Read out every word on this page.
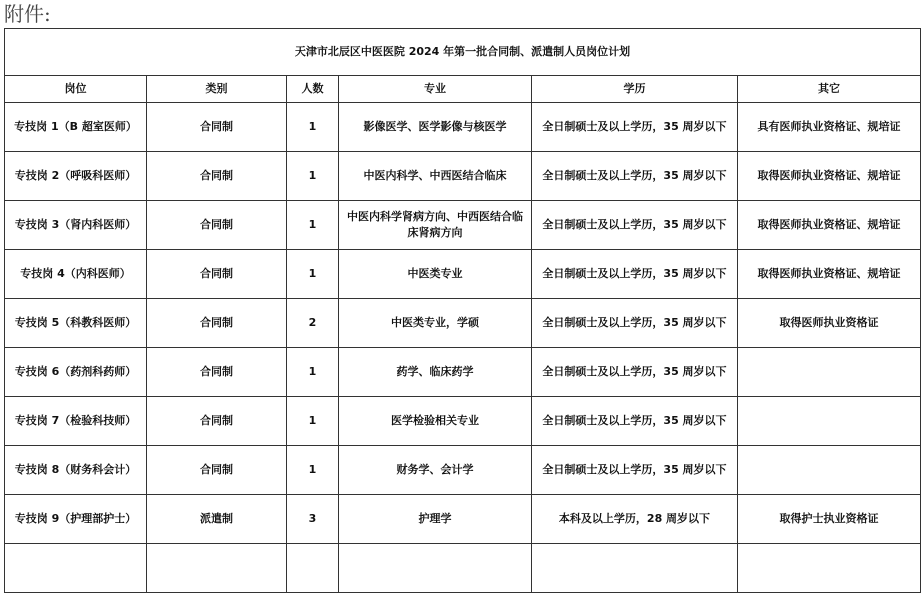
附件:
天津市北辰区中医医院 2024 年第一批合同制、派遣制人员岗位计划					
岗位	类别	人数	专业	学历	其它
专技岗 1（B 超室医师）	合同制	1	影像医学、医学影像与核医学	全日制硕士及以上学历，35 周岁以下	具有医师执业资格证、规培证
专技岗 2（呼吸科医师）	合同制	1	中医内科学、中西医结合临床	全日制硕士及以上学历，35 周岁以下	取得医师执业资格证、规培证
专技岗 3（肾内科医师）	合同制	1	中医内科学肾病方向、中西医结合临床肾病方向	全日制硕士及以上学历，35 周岁以下	取得医师执业资格证、规培证
专技岗 4（内科医师）	合同制	1	中医类专业	全日制硕士及以上学历，35 周岁以下	取得医师执业资格证、规培证
专技岗 5（科教科医师）	合同制	2	中医类专业，学硕	全日制硕士及以上学历，35 周岁以下	取得医师执业资格证
专技岗 6（药剂科药师）	合同制	1	药学、临床药学	全日制硕士及以上学历，35 周岁以下	
专技岗 7（检验科技师）	合同制	1	医学检验相关专业	全日制硕士及以上学历，35 周岁以下	
专技岗 8（财务科会计）	合同制	1	财务学、会计学	全日制硕士及以上学历，35 周岁以下	
专技岗 9（护理部护士）	派遣制	3	护理学	本科及以上学历，28 周岁以下	取得护士执业资格证
